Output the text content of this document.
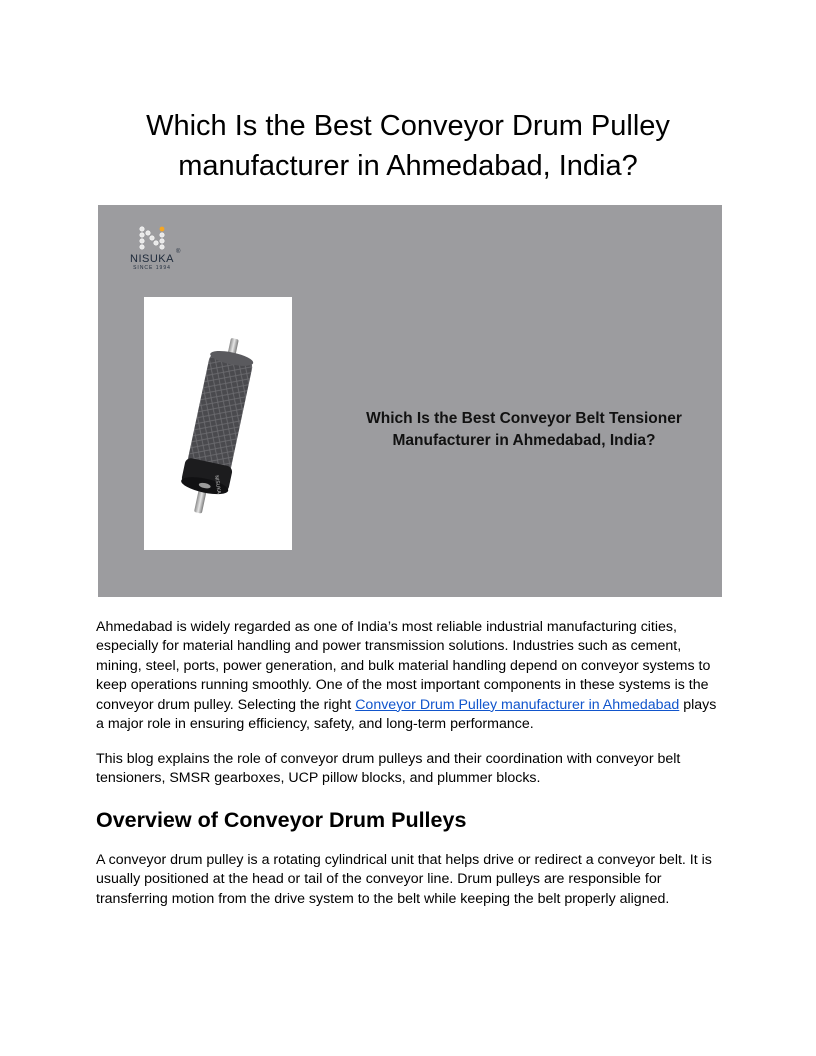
Which Is the Best Conveyor Drum Pulley manufacturer in Ahmedabad, India?
NISUKA
SINCE 1994
®
NISUKA
Which Is the Best Conveyor Belt Tensioner Manufacturer in Ahmedabad, India?

Ahmedabad is widely regarded as one of India’s most reliable industrial manufacturing cities, especially for material handling and power transmission solutions. Industries such as cement, mining, steel, ports, power generation, and bulk material handling depend on conveyor systems to keep operations running smoothly. One of the most important components in these systems is the conveyor drum pulley. Selecting the right Conveyor Drum Pulley manufacturer in Ahmedabad plays a major role in ensuring efficiency, safety, and long-term performance.

This blog explains the role of conveyor drum pulleys and their coordination with conveyor belt tensioners, SMSR gearboxes, UCP pillow blocks, and plummer blocks.

Overview of Conveyor Drum Pulleys

A conveyor drum pulley is a rotating cylindrical unit that helps drive or redirect a conveyor belt. It is usually positioned at the head or tail of the conveyor line. Drum pulleys are responsible for transferring motion from the drive system to the belt while keeping the belt properly aligned.
